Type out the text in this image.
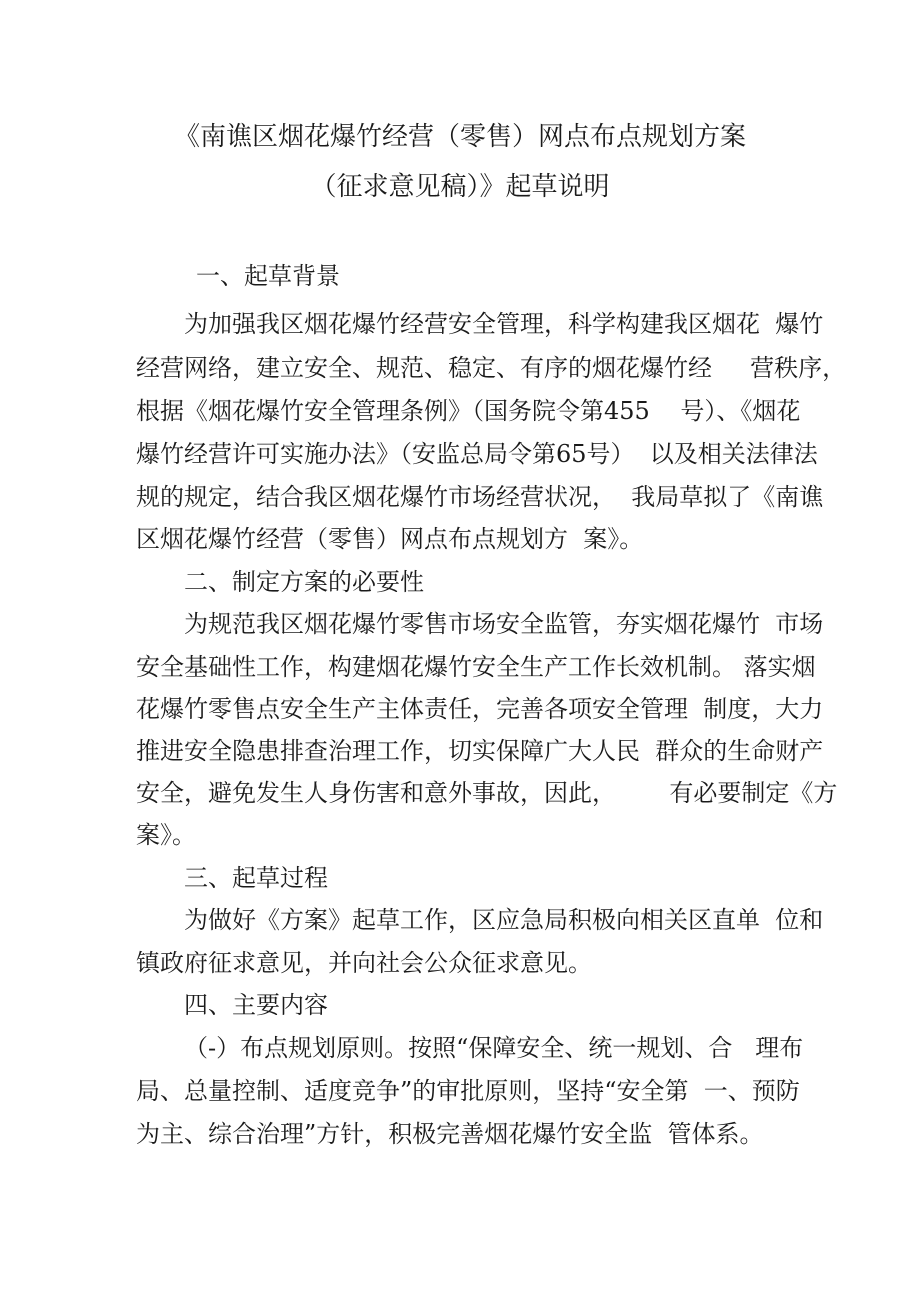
《南谯区烟花爆竹经营（零售）网点布点规划方案
（征求意见稿）》起草说明
一、起草背景
为加强我区烟花爆竹经营安全管理，科学构建我区烟花  爆竹
经营网络，建立安全、规范、稳定、有序的烟花爆竹经     营秩序，
根据《烟花爆竹安全管理条例》（国务院令第455    号）、《烟花
爆竹经营许可实施办法》（安监总局令第65号）  以及相关法律法
规的规定，结合我区烟花爆竹市场经营状况，  我局草拟了《南谯
区烟花爆竹经营（零售）网点布点规划方  案》。
二、制定方案的必要性
为规范我区烟花爆竹零售市场安全监管，夯实烟花爆竹  市场
安全基础性工作，构建烟花爆竹安全生产工作长效机制。 落实烟
花爆竹零售点安全生产主体责任，完善各项安全管理  制度，大力
推进安全隐患排查治理工作，切实保障广大人民  群众的生命财产
安全，避免发生人身伤害和意外事故，因此，       有必要制定《方
案》。
三、起草过程
为做好《方案》起草工作，区应急局积极向相关区直单  位和
镇政府征求意见，并向社会公众征求意见。
四、主要内容
（-）布点规划原则。按照“保障安全、统一规划、合   理布
局、总量控制、适度竞争”的审批原则，坚持“安全第  一、预防
为主、综合治理”方针，积极完善烟花爆竹安全监  管体系。
